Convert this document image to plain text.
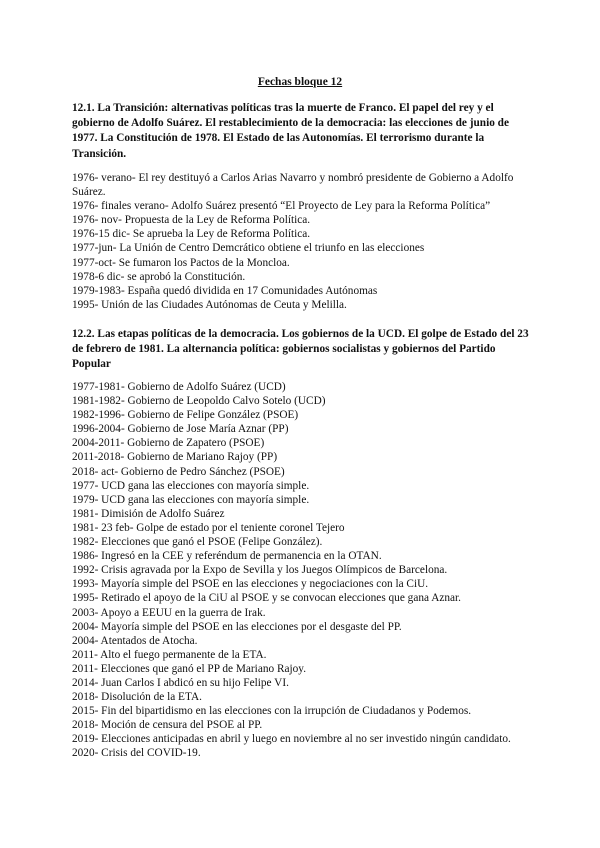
Fechas bloque 12
12.1. La Transición: alternativas políticas tras la muerte de Franco. El papel del rey y el gobierno de Adolfo Suárez. El restablecimiento de la democracia: las elecciones de junio de 1977. La Constitución de 1978. El Estado de las Autonomías. El terrorismo durante la Transición.
1976- verano- El rey destituyó a Carlos Arias Navarro y nombró presidente de Gobierno a Adolfo Suárez.
1976- finales verano- Adolfo Suárez presentó “El Proyecto de Ley para la Reforma Política”
1976- nov- Propuesta de la Ley de Reforma Política.
1976-15 dic- Se aprueba la Ley de Reforma Política.
1977-jun- La Unión de Centro Demcrático obtiene el triunfo en las elecciones
1977-oct- Se fumaron los Pactos de la Moncloa.
1978-6 dic- se aprobó la Constitución.
1979-1983- España quedó dividida en 17 Comunidades Autónomas
1995- Unión de las Ciudades Autónomas de Ceuta y Melilla.
12.2. Las etapas políticas de la democracia. Los gobiernos de la UCD. El golpe de Estado del 23 de febrero de 1981. La alternancia política: gobiernos socialistas y gobiernos del Partido Popular
1977-1981- Gobierno de Adolfo Suárez (UCD)
1981-1982- Gobierno de Leopoldo Calvo Sotelo (UCD)
1982-1996- Gobierno de Felipe González (PSOE)
1996-2004- Gobierno de Jose María Aznar (PP)
2004-2011- Gobierno de Zapatero (PSOE)
2011-2018- Gobierno de Mariano Rajoy (PP)
2018- act- Gobierno de Pedro Sánchez (PSOE)
1977- UCD gana las elecciones con mayoría simple.
1979- UCD gana las elecciones con mayoría simple.
1981- Dimisión de Adolfo Suárez
1981- 23 feb- Golpe de estado por el teniente coronel Tejero
1982- Elecciones que ganó el PSOE (Felipe González).
1986- Ingresó en la CEE y referéndum de permanencia en la OTAN.
1992- Crisis agravada por la Expo de Sevilla y los Juegos Olímpicos de Barcelona.
1993- Mayoría simple del PSOE en las elecciones y negociaciones con la CiU.
1995- Retirado el apoyo de la CiU al PSOE y se convocan elecciones que gana Aznar.
2003- Apoyo a EEUU en la guerra de Irak.
2004- Mayoría simple del PSOE en las elecciones por el desgaste del PP.
2004- Atentados de Atocha.
2011- Alto el fuego permanente de la ETA.
2011- Elecciones que ganó el PP de Mariano Rajoy.
2014- Juan Carlos I abdicó en su hijo Felipe VI.
2018- Disolución de la ETA.
2015- Fin del bipartidismo en las elecciones con la irrupción de Ciudadanos y Podemos.
2018- Moción de censura del PSOE al PP.
2019- Elecciones anticipadas en abril y luego en noviembre al no ser investido ningún candidato.
2020- Crisis del COVID-19.
